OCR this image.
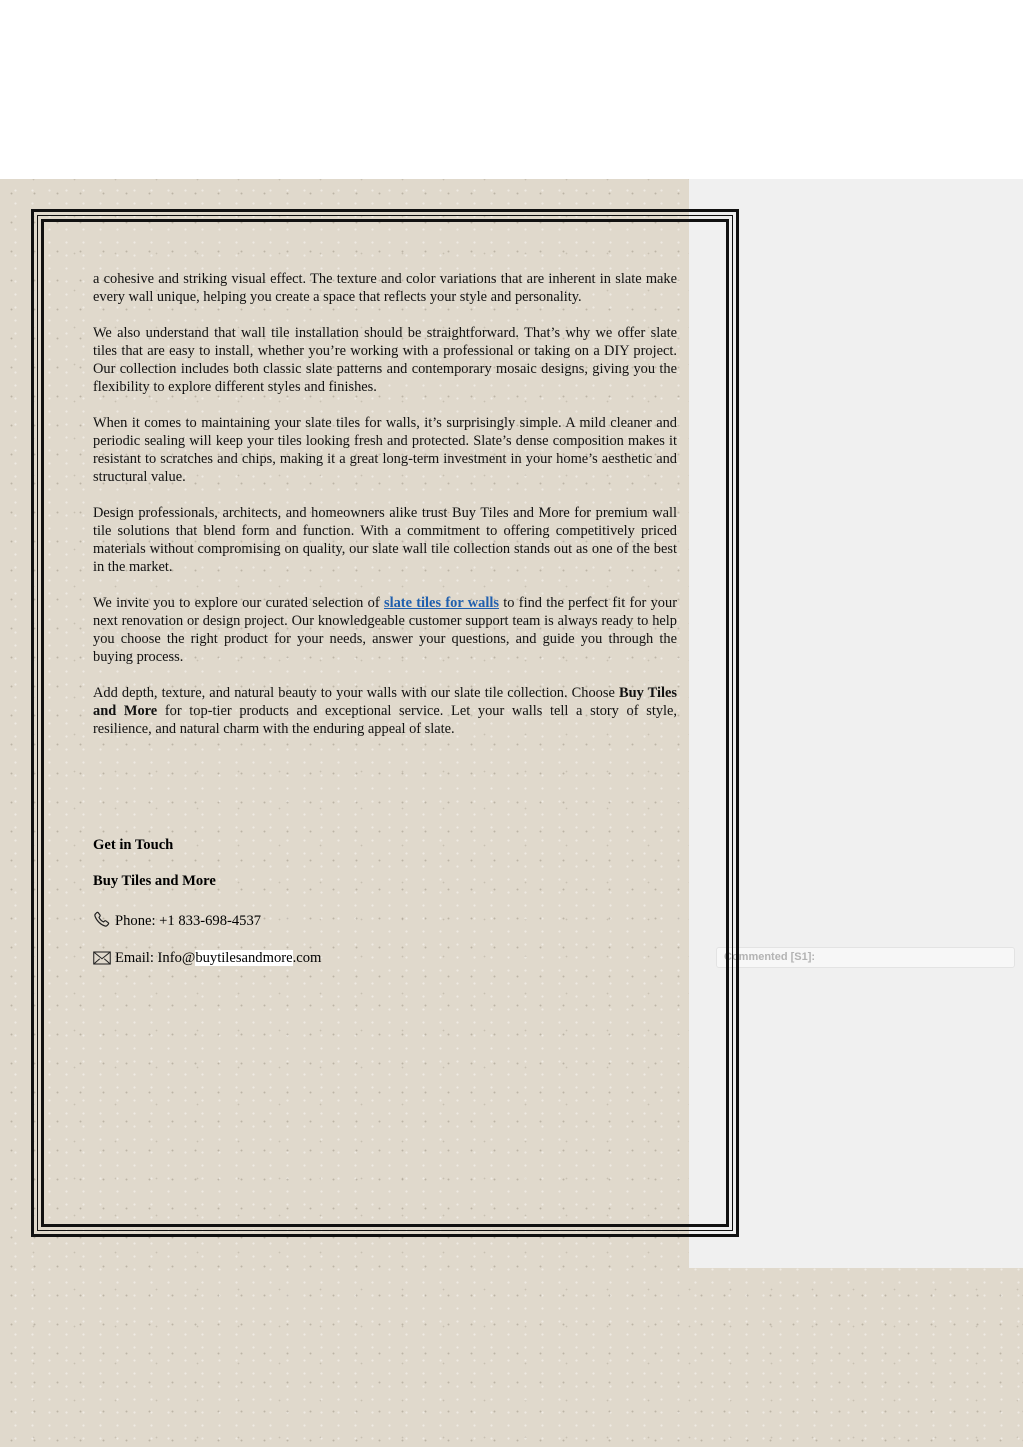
Commented [S1]:

a cohesive and striking visual effect. The texture and color variations that are inherent in slate make every wall unique, helping you create a space that reflects your style and personality.

We also understand that wall tile installation should be straightforward. That’s why we offer slate tiles that are easy to install, whether you’re working with a professional or taking on a DIY project. Our collection includes both classic slate patterns and contemporary mosaic designs, giving you the flexibility to explore different styles and finishes.

When it comes to maintaining your slate tiles for walls, it’s surprisingly simple. A mild cleaner and periodic sealing will keep your tiles looking fresh and protected. Slate’s dense composition makes it resistant to scratches and chips, making it a great long-term investment in your home’s aesthetic and structural value.

Design professionals, architects, and homeowners alike trust Buy Tiles and More for premium wall tile solutions that blend form and function. With a commitment to offering competitively priced materials without compromising on quality, our slate wall tile collection stands out as one of the best in the market.

We invite you to explore our curated selection of slate tiles for walls to find the perfect fit for your next renovation or design project. Our knowledgeable customer support team is always ready to help you choose the right product for your needs, answer your questions, and guide you through the buying process.

Add depth, texture, and natural beauty to your walls with our slate tile collection. Choose Buy Tiles and More for top-tier products and exceptional service. Let your walls tell a story of style, resilience, and natural charm with the enduring appeal of slate.

Get in Touch

Buy Tiles and More

Phone: +1 833-698-4537

Email: Info@buytilesandmore.com
